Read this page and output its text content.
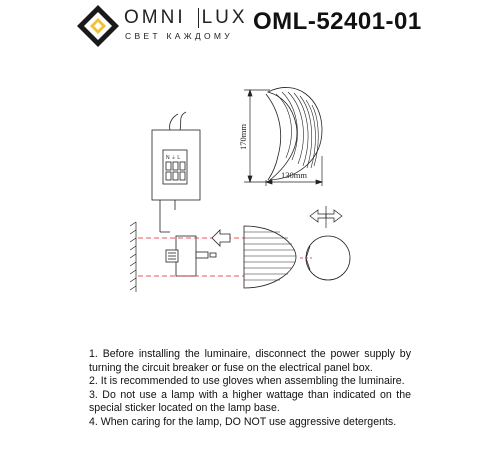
OMNI LUX
СВЕТ КАЖДОМУ
OML-52401-01
170mm
130mm
N ⏚ L

1. Before installing the luminaire, disconnect the power supply by turning the circuit breaker or fuse on the electrical panel box.

2. It is recommended to use gloves when assembling the luminaire.

3. Do not use a lamp with a higher wattage than indicated on the special sticker located on the lamp base.

4. When caring for the lamp, DO NOT use aggressive detergents.
